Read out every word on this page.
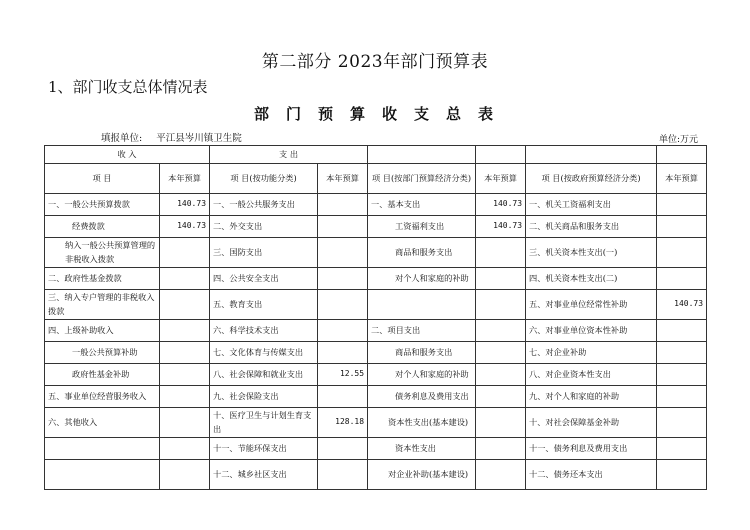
第二部分 2023年部门预算表
1、部门收支总体情况表
部门预算收支总表
填报单位: 平江县岑川镇卫生院	单位:万元
收 入		支 出					
项 目	本年预算	项 目(按功能分类)	本年预算	项 目(按部门预算经济分类)	本年预算	项 目(按政府预算经济分类)	本年预算
一、一般公共预算拨款	140.73	一、一般公共服务支出		一、基本支出	140.73	一、机关工资福利支出	
经费拨款	140.73	二、外交支出		工资福利支出	140.73	二、机关商品和服务支出	
纳入一般公共预算管理的非税收入拨款		三、国防支出		商品和服务支出		三、机关资本性支出(一)	
二、政府性基金拨款		四、公共安全支出		对个人和家庭的补助		四、机关资本性支出(二)	
三、纳入专户管理的非税收入拨款		五、教育支出				五、对事业单位经常性补助	140.73
四、上级补助收入		六、科学技术支出		二、项目支出		六、对事业单位资本性补助	
一般公共预算补助		七、文化体育与传媒支出		商品和服务支出		七、对企业补助	
政府性基金补助		八、社会保障和就业支出	12.55	对个人和家庭的补助		八、对企业资本性支出	
五、事业单位经营服务收入		九、社会保险支出		债务利息及费用支出		九、对个人和家庭的补助	
六、其他收入		十、医疗卫生与计划生育支出	128.18	资本性支出(基本建设)		十、对社会保障基金补助	
		十一、节能环保支出		资本性支出		十一、债务利息及费用支出	
		十二、城乡社区支出		对企业补助(基本建设)		十二、债务还本支出	
